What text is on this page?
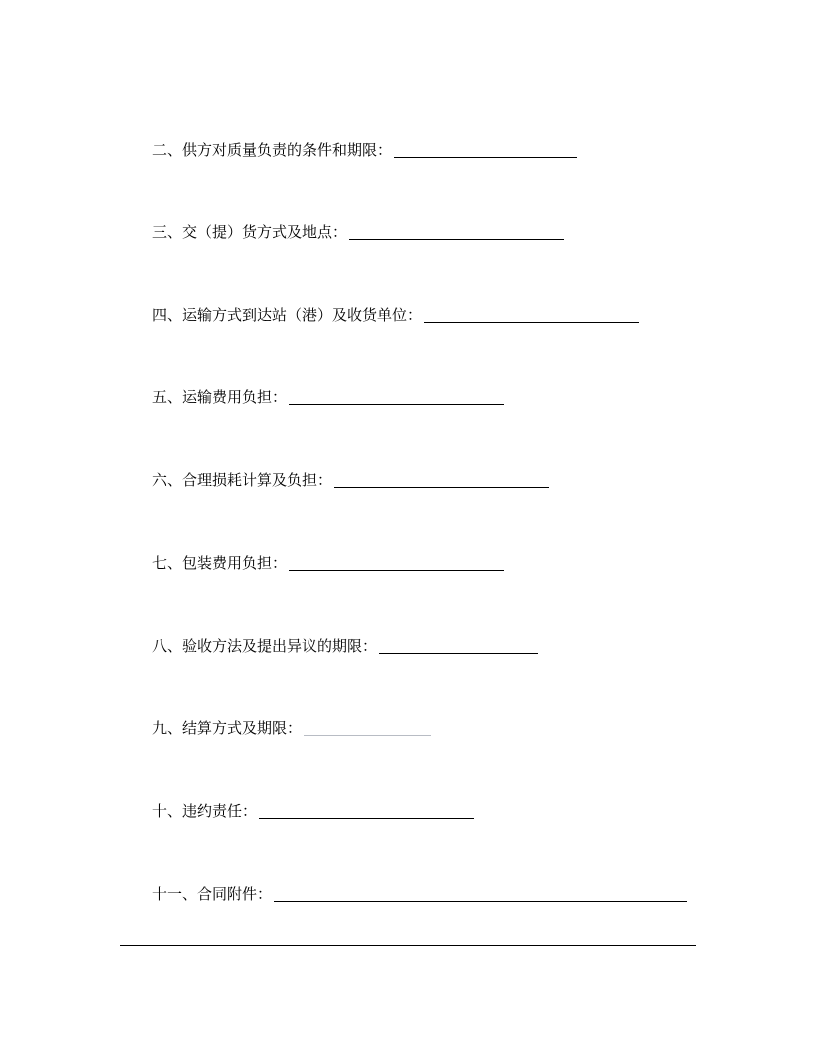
二、供方对质量负责的条件和期限：
三、交（提）货方式及地点：
四、运输方式到达站（港）及收货单位：
五、运输费用负担：
六、合理损耗计算及负担：
七、包装费用负担：
八、验收方法及提出异议的期限：
九、结算方式及期限：
十、违约责任：
十一、合同附件：
